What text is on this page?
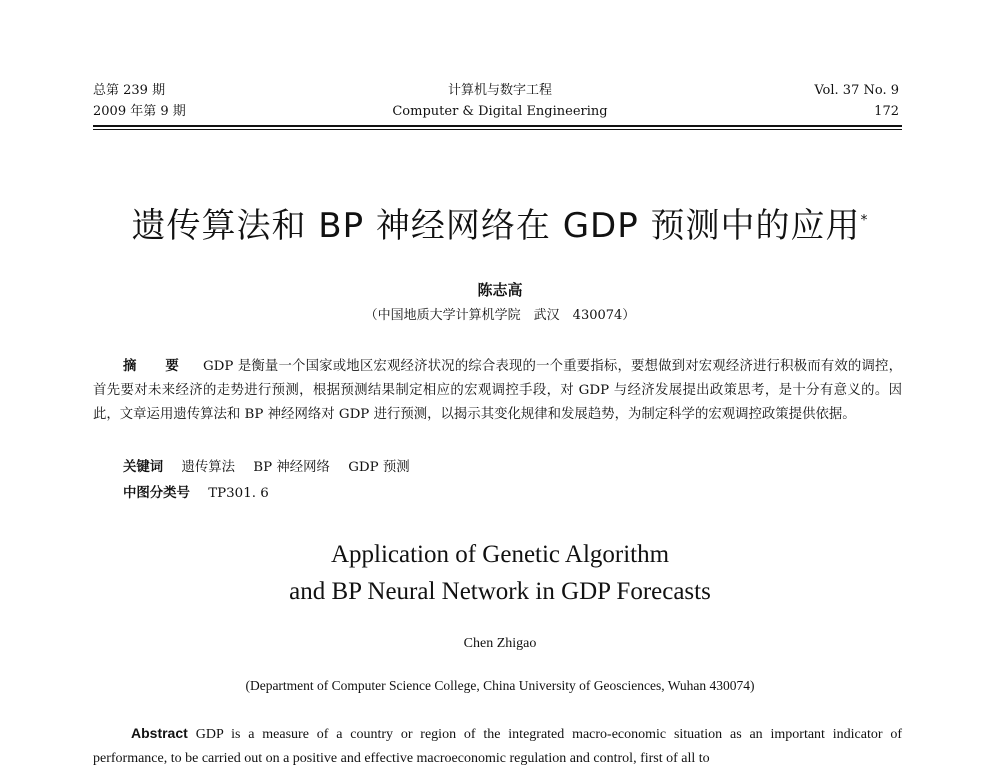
总第 239 期
2009 年第 9 期
计算机与数字工程
Computer & Digital Engineering
Vol. 37 No. 9
172
遗传算法和 BP 神经网络在 GDP 预测中的应用*
陈志高
（中国地质大学计算机学院　武汉　430074）
摘 要 GDP 是衡量一个国家或地区宏观经济状况的综合表现的一个重要指标，要想做到对宏观经济进行积极而有效的调控，首先要对未来经济的走势进行预测，根据预测结果制定相应的宏观调控手段，对 GDP 与经济发展提出政策思考，是十分有意义的。因此，文章运用遗传算法和 BP 神经网络对 GDP 进行预测，以揭示其变化规律和发展趋势，为制定科学的宏观调控政策提供依据。
关键词 遗传算法 BP 神经网络 GDP 预测
中图分类号 TP301. 6
Application of Genetic Algorithm
and BP Neural Network in GDP Forecasts
Chen Zhigao
(Department of Computer Science College, China University of Geosciences, Wuhan 430074)
Abstract GDP is a measure of a country or region of the integrated macro-economic situation as an important indicator of performance, to be carried out on a positive and effective macroeconomic regulation and control, first of all to
